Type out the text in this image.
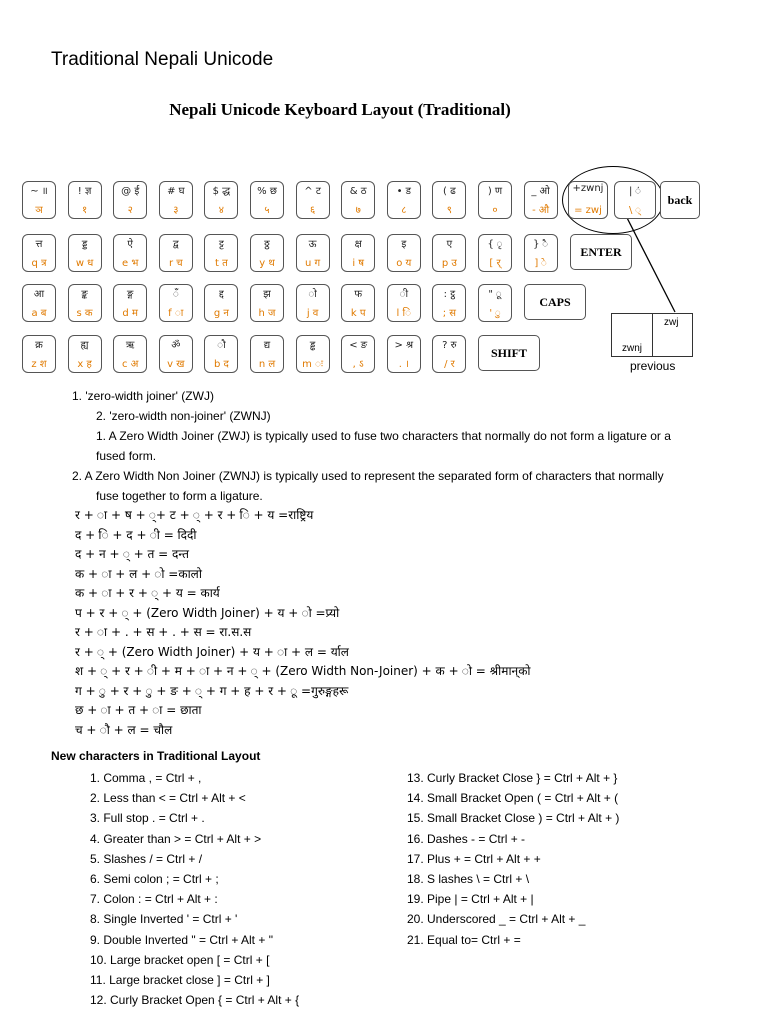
Traditional Nepali Unicode
Nepali Unicode Keyboard Layout (Traditional)
zwnj
zwj
previous
~ ॥
ञ
! ज्ञ
१
@ ई
२
# घ
३
$ द्ध
४
% छ
५
^ ट
६
& ठ
७
• ड
८
( ढ
९
) ण
०
_ ओ
- औ
+zwnj
= zwj
| ं
\ ्
back
त्त
q त्र
ड्ड
w ध
ऐ
e भ
द्व
r च
ट्ट
t त
ठ्ठ
y थ
ऊ
u ग
क्ष
i ष
इ
o य
ए
p उ
{ ृ
[ र्
} ै
] े
ENTER
आ
a ब
ङ्क
s क
ङ्ग
d म
ँ
f ा
द्द
g न
झ
h ज
ो
j व
फ
k प
ी
l ि
: ट्ठ
; स
" ू
' ु
CAPS
क्र
z श
ह्य
x ह
ऋ
c अ
ॐ
v ख
ौ
b द
द्य
n ल
ड्ढ
m ः
< ङ
, ऽ
> श्र
. ।
? रु
/ र
SHIFT
1. 'zero-width joiner' (ZWJ)
2. 'zero-width non-joiner' (ZWNJ)
1. A Zero Width Joiner (ZWJ) is typically used to fuse two characters that normally do not form a ligature or a
fused form.
2. A Zero Width Non Joiner (ZWNJ) is typically used to represent the separated form of characters that normally
fuse together to form a ligature.
र + ा + ष + ्+ ट + ् + र + ि + य =राष्ट्रिय
द + ि + द + ी = दिदी
द + न + ् + त = दन्त
क + ा + ल + ो =कालो
क + ा + र + ् + य = कार्य
प + र + ् + (Zero Width Joiner) + य + ो =प्र्यो
र + ा + . + स + . + स = रा.स.स
र + ् + (Zero Width Joiner) + य + ा + ल = र्याल
श + ् + र + ी + म + ा + न + ् + (Zero Width Non-Joiner) + क + ो = श्रीमान्‌को
ग + ु + र + ु + ङ + ् + ग + ह + र + ू =गुरुङ्गहरू
छ + ा + त + ा = छाता
च + ौ + ल = चौल
New characters in Traditional Layout
1. Comma , = Ctrl + ,
2. Less than < = Ctrl + Alt + <
3. Full stop . = Ctrl + .
4. Greater than > = Ctrl + Alt + >
5. Slashes / = Ctrl + /
6. Semi colon ; = Ctrl + ;
7. Colon : = Ctrl + Alt + :
8. Single Inverted ' = Ctrl + '
9. Double Inverted " = Ctrl + Alt + "
10. Large bracket open [ = Ctrl + [
11. Large bracket close ] = Ctrl + ]
12. Curly Bracket Open { = Ctrl + Alt + {
13. Curly Bracket Close } = Ctrl + Alt + }
14. Small Bracket Open ( = Ctrl + Alt + (
15. Small Bracket Close ) = Ctrl + Alt + )
16. Dashes - = Ctrl + -
17. Plus + = Ctrl + Alt + +
18. S lashes \ = Ctrl + \
19. Pipe | = Ctrl + Alt + |
20. Underscored _ = Ctrl + Alt + _
21. Equal to= Ctrl + =
